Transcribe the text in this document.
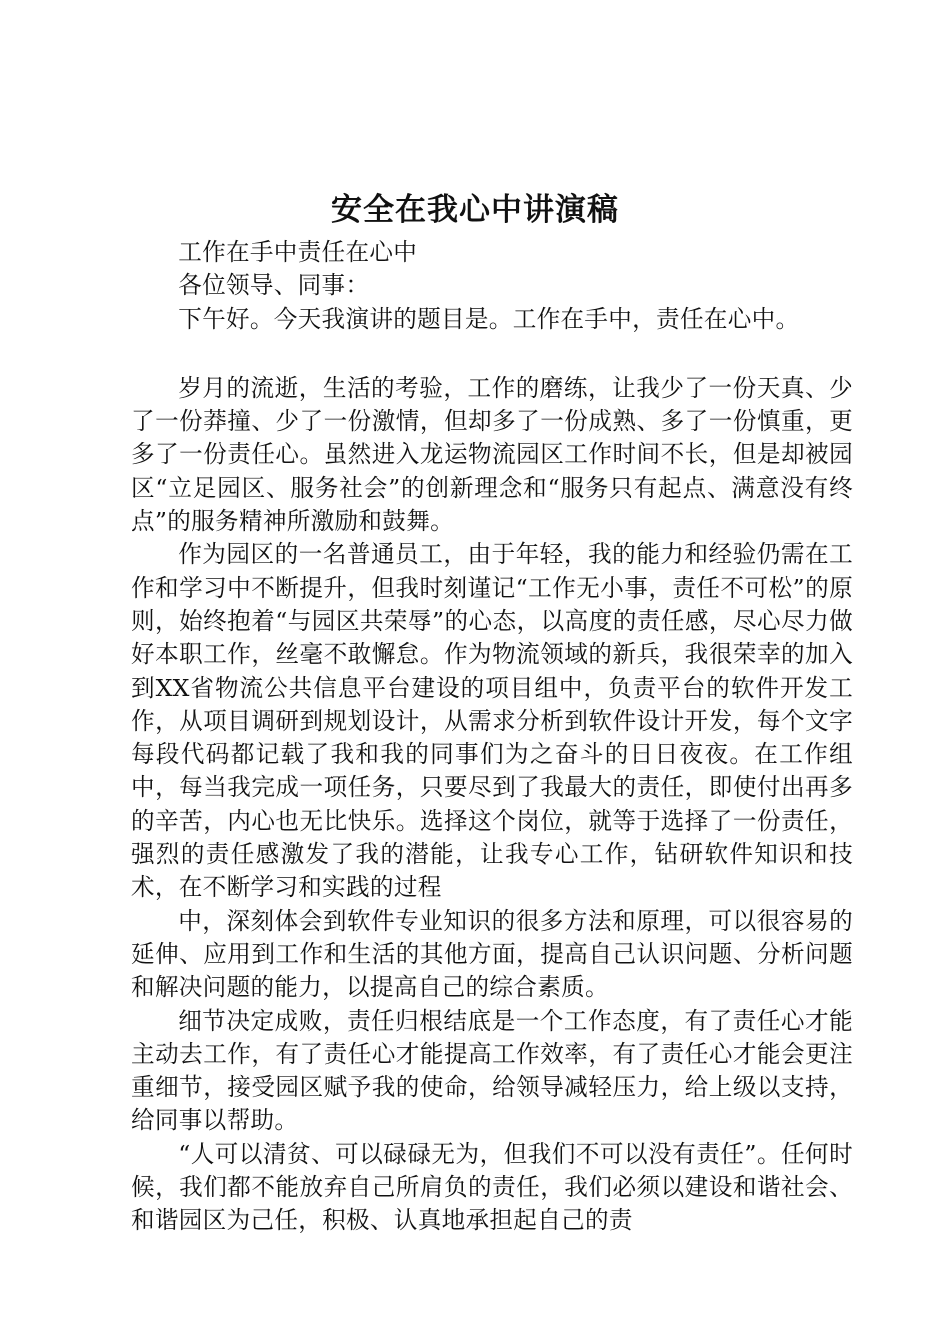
安全在我心中讲演稿

工作在手中责任在心中

各位领导、同事：

下午好。今天我演讲的题目是。工作在手中，责任在心中。

岁月的流逝，生活的考验，工作的磨练，让我少了一份天真、少了一份莽撞、少了一份激情，但却多了一份成熟、多了一份慎重，更多了一份责任心。虽然进入龙运物流园区工作时间不长，但是却被园区“立足园区、服务社会”的创新理念和“服务只有起点、满意没有终点”的服务精神所激励和鼓舞。

作为园区的一名普通员工，由于年轻，我的能力和经验仍需在工作和学习中不断提升，但我时刻谨记“工作无小事，责任不可松”的原则，始终抱着“与园区共荣辱”的心态，以高度的责任感，尽心尽力做好本职工作，丝毫不敢懈怠。作为物流领域的新兵，我很荣幸的加入到XX省物流公共信息平台建设的项目组中，负责平台的软件开发工作，从项目调研到规划设计，从需求分析到软件设计开发，每个文字每段代码都记载了我和我的同事们为之奋斗的日日夜夜。在工作组中，每当我完成一项任务，只要尽到了我最大的责任，即使付出再多的辛苦，内心也无比快乐。选择这个岗位，就等于选择了一份责任，强烈的责任感激发了我的潜能，让我专心工作，钻研软件知识和技术，在不断学习和实践的过程

中，深刻体会到软件专业知识的很多方法和原理，可以很容易的延伸、应用到工作和生活的其他方面，提高自己认识问题、分析问题和解决问题的能力，以提高自己的综合素质。

细节决定成败，责任归根结底是一个工作态度，有了责任心才能主动去工作，有了责任心才能提高工作效率，有了责任心才能会更注重细节，接受园区赋予我的使命，给领导减轻压力，给上级以支持，给同事以帮助。

“人可以清贫、可以碌碌无为，但我们不可以没有责任”。任何时候，我们都不能放弃自己所肩负的责任，我们必须以建设和谐社会、和谐园区为己任，积极、认真地承担起自己的责
